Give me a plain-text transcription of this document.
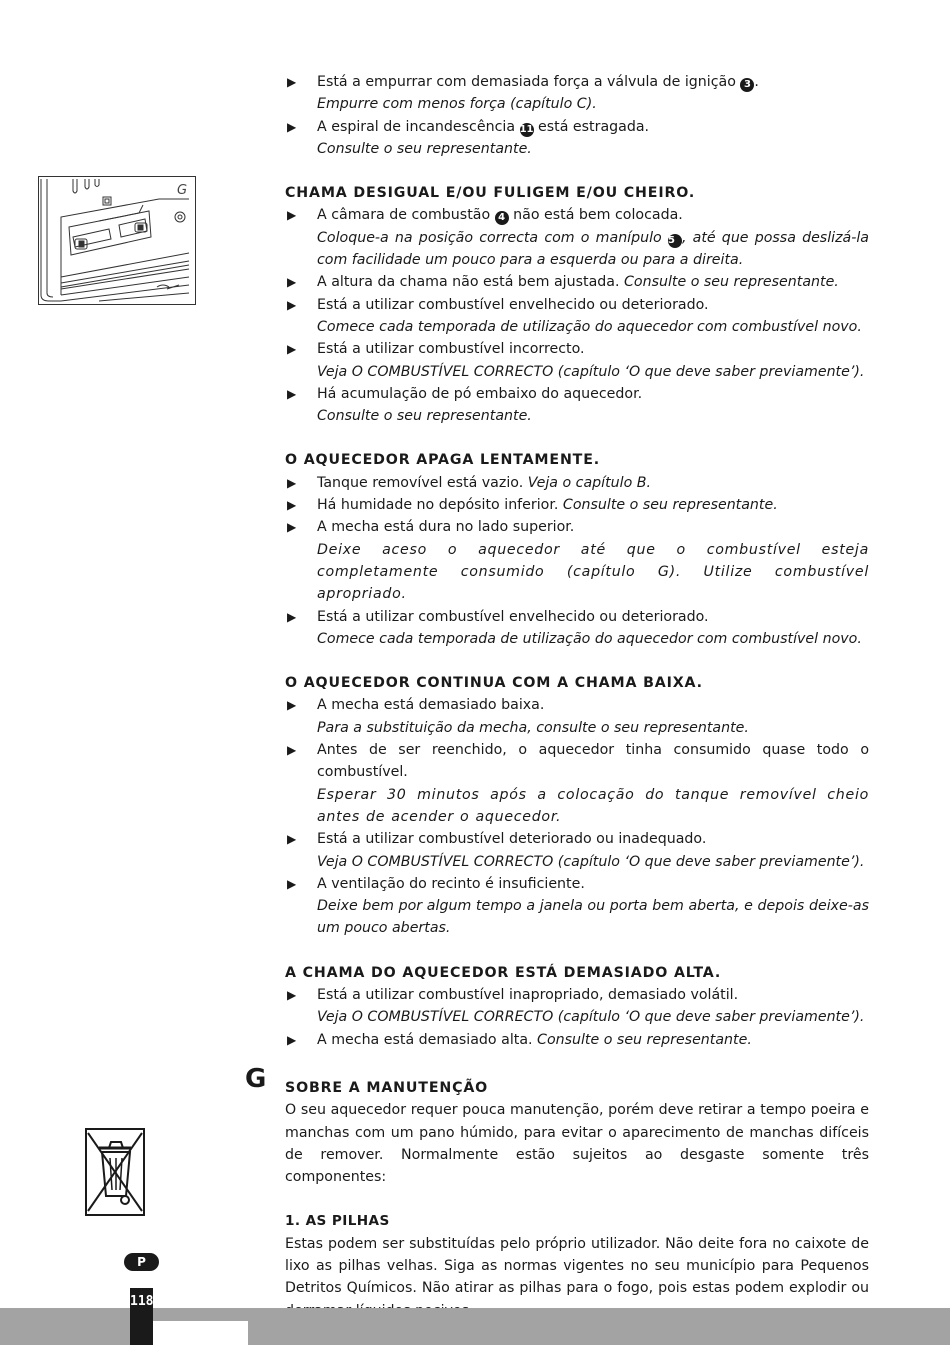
G
▶ Está a empurrar com demasiada força a válvula de ignição 3 .
Empurre com menos força (capítulo C).
▶ A espiral de incandescência 11 está estragada.
Consulte o seu representante.
CHAMA DESIGUAL E/OU FULIGEM E/OU CHEIRO.
▶ A câmara de combustão 4 não está bem colocada.
Coloque-a na posição correcta com o manípulo 5 , até que possa deslizá-la com facilidade um pouco para a esquerda ou para a direita.
▶ A altura da chama não está bem ajustada. Consulte o seu representante.
▶ Está a utilizar combustível envelhecido ou deteriorado.
Comece cada temporada de utilização do aquecedor com combustível novo.
▶ Está a utilizar combustível incorrecto.
Veja O COMBUSTÍVEL CORRECTO (capítulo ‘O que deve saber previamente’).
▶ Há acumulação de pó embaixo do aquecedor.
Consulte o seu representante.
O AQUECEDOR APAGA LENTAMENTE.
▶ Tanque removível está vazio. Veja o capítulo B.
▶ Há humidade no depósito inferior. Consulte o seu representante.
▶ A mecha está dura no lado superior.
Deixe aceso o aquecedor até que o combustível esteja completamente consumido (capítulo G). Utilize combustível apropriado.
▶ Está a utilizar combustível envelhecido ou deteriorado.
Comece cada temporada de utilização do aquecedor com combustível novo.
O AQUECEDOR CONTINUA COM A CHAMA BAIXA.
▶ A mecha está demasiado baixa.
Para a substituição da mecha, consulte o seu representante.
▶ Antes de ser reenchido, o aquecedor tinha consumido quase todo o combustível.
Esperar 30 minutos após a colocação do tanque removível cheio antes de acender o aquecedor.
▶ Está a utilizar combustível deteriorado ou inadequado.
Veja O COMBUSTÍVEL CORRECTO (capítulo ‘O que deve saber previamente’).
▶ A ventilação do recinto é insuficiente.
Deixe bem por algum tempo a janela ou porta bem aberta, e depois deixe-as um pouco abertas.
A CHAMA DO AQUECEDOR ESTÁ DEMASIADO ALTA.
▶ Está a utilizar combustível inapropriado, demasiado volátil.
Veja O COMBUSTÍVEL CORRECTO (capítulo ‘O que deve saber previamente’).
▶ A mecha está demasiado alta. Consulte o seu representante.
G SOBRE A MANUTENÇÃO
O seu aquecedor requer pouca manutenção, porém deve retirar a tempo poeira e manchas com um pano húmido, para evitar o aparecimento de manchas difíceis de remover. Normalmente estão sujeitos ao desgaste somente três componentes:
1. AS PILHAS
Estas podem ser substituídas pelo próprio utilizador. Não deite fora no caixote de lixo as pilhas velhas. Siga as normas vigentes no seu município para Pequenos Detritos Químicos. Não atirar as pilhas para o fogo, pois estas podem explodir ou
P
118
